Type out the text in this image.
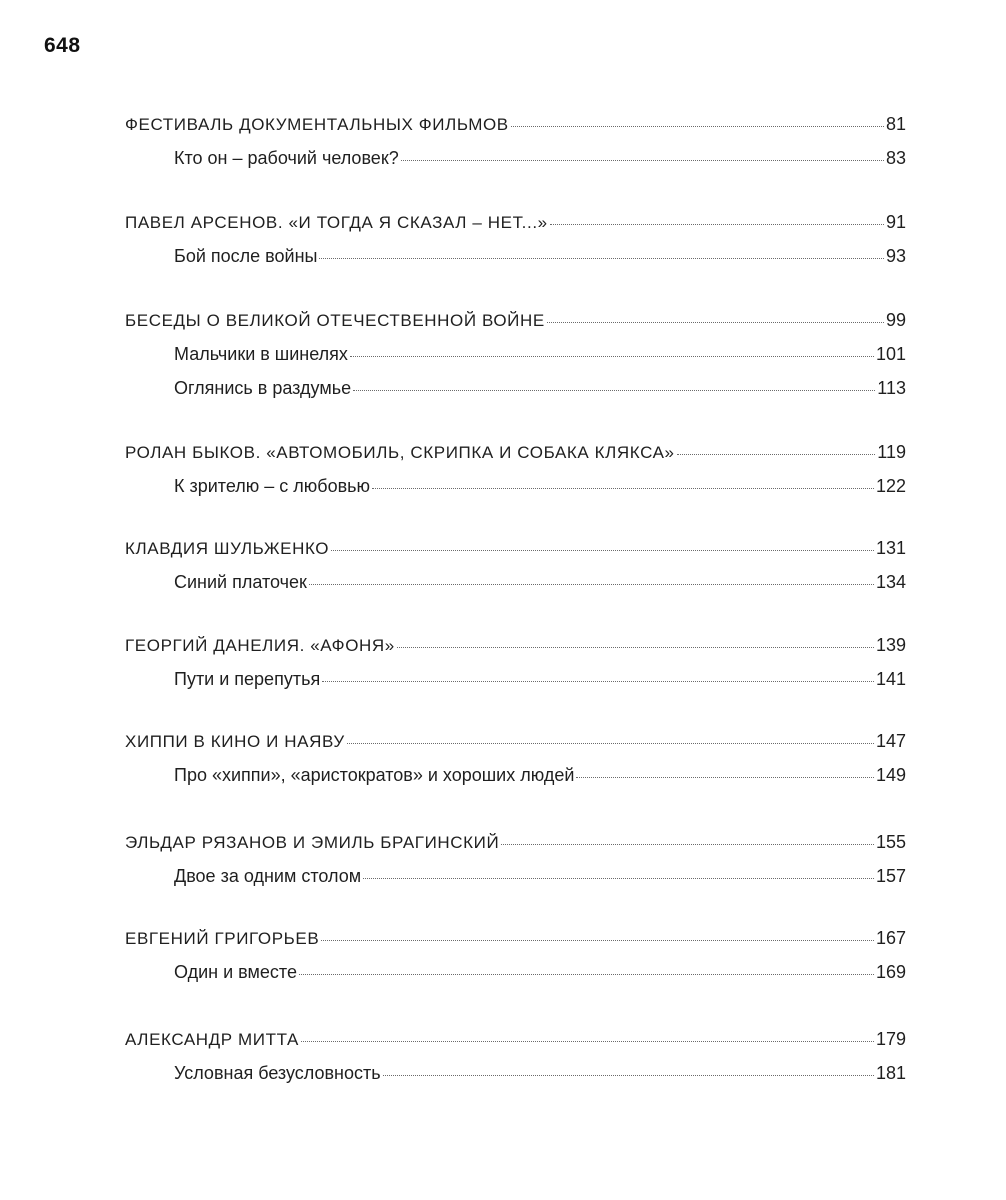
648
ФЕСТИВАЛЬ ДОКУМЕНТАЛЬНЫХ ФИЛЬМОВ	81
Кто он – рабочий человек?	83
ПАВЕЛ АРСЕНОВ. «И ТОГДА Я СКАЗАЛ – НЕТ...»	91
Бой после войны	93
БЕСЕДЫ О ВЕЛИКОЙ ОТЕЧЕСТВЕННОЙ ВОЙНЕ	99
Мальчики в шинелях	101
Оглянись в раздумье	113
РОЛАН БЫКОВ. «АВТОМОБИЛЬ, СКРИПКА И СОБАКА КЛЯКСА»	119
К зрителю – с любовью	122
КЛАВДИЯ ШУЛЬЖЕНКО	131
Синий платочек	134
ГЕОРГИЙ ДАНЕЛИЯ. «АФОНЯ»	139
Пути и перепутья	141
ХИППИ В КИНО И НАЯВУ	147
Про «хиппи», «аристократов» и хороших людей	149
ЭЛЬДАР РЯЗАНОВ И ЭМИЛЬ БРАГИНСКИЙ	155
Двое за одним столом	157
ЕВГЕНИЙ ГРИГОРЬЕВ	167
Один и вместе	169
АЛЕКСАНДР МИТТА	179
Условная безусловность	181
